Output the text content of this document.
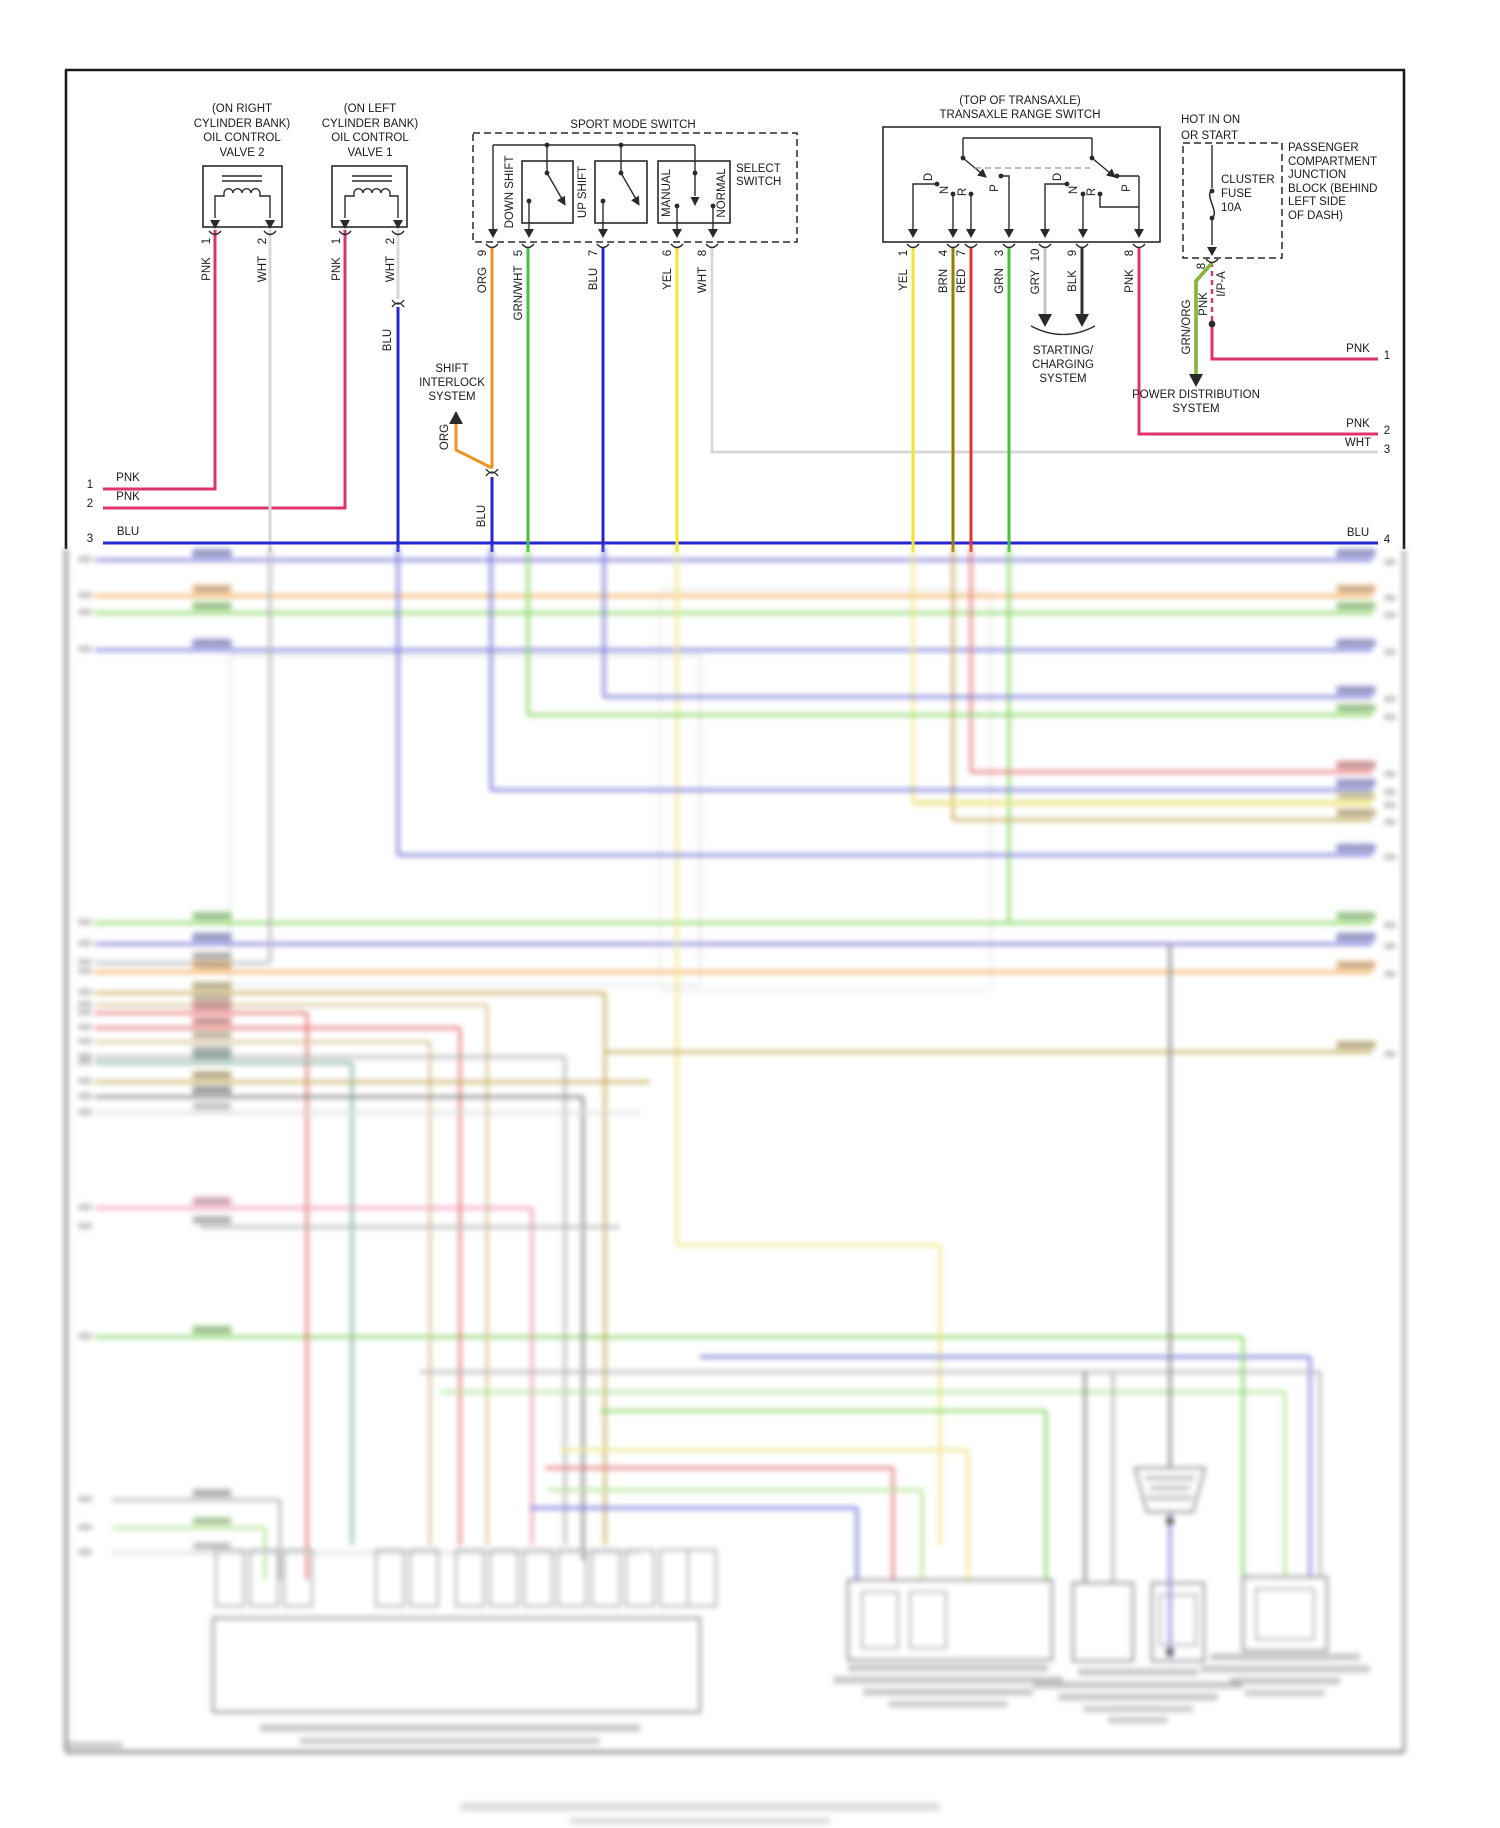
(ON RIGHT
CYLINDER BANK)
OIL CONTROL
VALVE 2
(ON LEFT
CYLINDER BANK)
OIL CONTROL
VALVE 1
SPORT MODE SWITCH
SELECT
SWITCH
(TOP OF TRANSAXLE)
TRANSAXLE RANGE SWITCH	HOT IN ON
OR START
CLUSTER
FUSE
10A
PASSENGER
COMPARTMENT
JUNCTION
BLOCK (BEHIND
LEFT SIDE
OF DASH)
SHIFT
INTERLOCK
SYSTEM
STARTING/
CHARGING
SYSTEM
POWER DISTRIBUTION
SYSTEM
1
PNK
2
WHT
1
PNK
2
WHT
BLU
DOWN SHIFT	UP SHIFT	MANUAL	NORMAL
9
ORG
5
GRN/WHT
7
BLU
6
YEL
8
WHT
ORG
BLU
D
N R P
D
N R P
1
YEL
4
BRN
7
RED
3
GRN
10
GRY
9
BLK
8
PNK
8
GRN/ORG PNK
I/P-A
1
PNK
2
PNK
3
BLU
PNK
1
PNK
2
WHT
3
BLU
4
